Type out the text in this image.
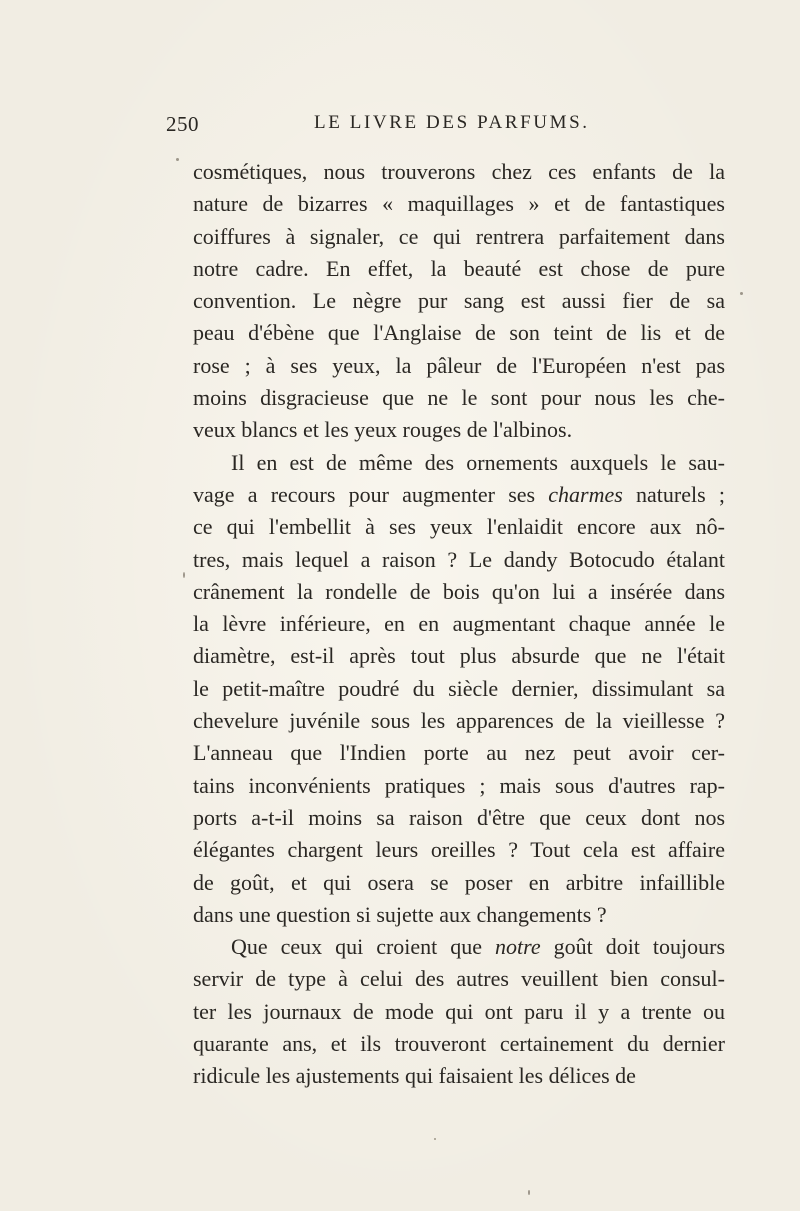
250	LE LIVRE DES PARFUMS.
cosmétiques, nous trouverons chez ces enfants de la
nature de bizarres « maquillages » et de fantastiques
coiffures à signaler, ce qui rentrera parfaitement dans
notre cadre. En effet, la beauté est chose de pure
convention. Le nègre pur sang est aussi fier de sa
peau d'ébène que l'Anglaise de son teint de lis et de
rose ; à ses yeux, la pâleur de l'Européen n'est pas
moins disgracieuse que ne le sont pour nous les che-
veux blancs et les yeux rouges de l'albinos.
Il en est de même des ornements auxquels le sau-
vage a recours pour augmenter ses charmes naturels ;
ce qui l'embellit à ses yeux l'enlaidit encore aux nô-
tres, mais lequel a raison ? Le dandy Botocudo étalant
crânement la rondelle de bois qu'on lui a insérée dans
la lèvre inférieure, en en augmentant chaque année le
diamètre, est-il après tout plus absurde que ne l'était
le petit-maître poudré du siècle dernier, dissimulant sa
chevelure juvénile sous les apparences de la vieillesse ?
L'anneau que l'Indien porte au nez peut avoir cer-
tains inconvénients pratiques ; mais sous d'autres rap-
ports a-t-il moins sa raison d'être que ceux dont nos
élégantes chargent leurs oreilles ? Tout cela est affaire
de goût, et qui osera se poser en arbitre infaillible
dans une question si sujette aux changements ?
Que ceux qui croient que notre goût doit toujours
servir de type à celui des autres veuillent bien consul-
ter les journaux de mode qui ont paru il y a trente ou
quarante ans, et ils trouveront certainement du dernier
ridicule les ajustements qui faisaient les délices de
